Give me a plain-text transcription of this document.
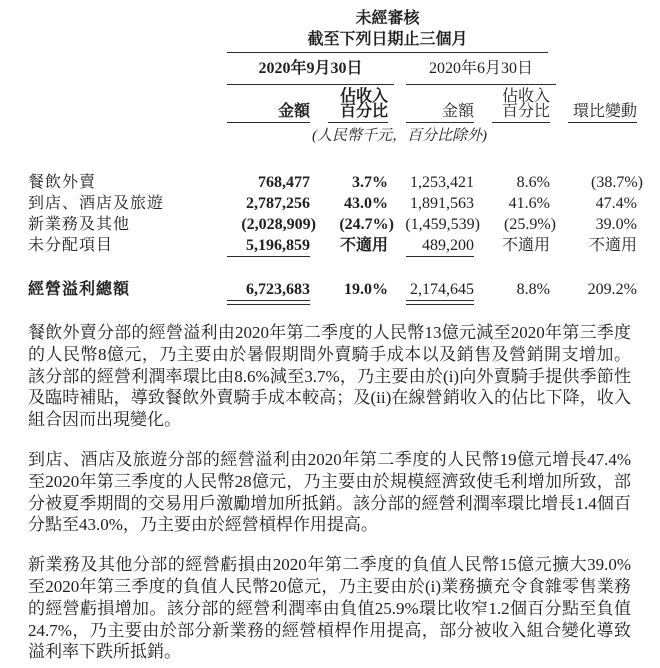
未經審核
截至下列日期止三個月
2020年9月30日	2020年6月30日
佔收入	佔收入
金額	百分比	金額	百分比	環比變動
(人民幣千元，百分比除外)
餐飲外賣	768,477	3.7%	1,253,421	8.6%	(38.7%)
到店、酒店及旅遊	2,787,256	43.0%	1,891,563	41.6%	47.4%
新業務及其他	(2,028,909)	(24.7%) (1,459,539)	(25.9%)	39.0%
未分配項目	5,196,859	不適用	489,200	不適用	不適用
經營溢利總額	6,723,683	19.0% 2,174,645	8.8%	209.2%

餐飲外賣分部的經營溢利由2020年第二季度的人民幣13億元減至2020年第三季度的人民幣8億元，乃主要由於暑假期間外賣騎手成本以及銷售及營銷開支增加。該分部的經營利潤率環比由8.6%減至3.7%，乃主要由於(i)向外賣騎手提供季節性及臨時補貼，導致餐飲外賣騎手成本較高；及(ii)在線營銷收入的佔比下降，收入組合因而出現變化。

到店、酒店及旅遊分部的經營溢利由2020年第二季度的人民幣19億元增長47.4%至2020年第三季度的人民幣28億元，乃主要由於規模經濟致使毛利增加所致，部分被夏季期間的交易用戶激勵增加所抵銷。該分部的經營利潤率環比增長1.4個百分點至43.0%，乃主要由於經營槓桿作用提高。

新業務及其他分部的經營虧損由2020年第二季度的負值人民幣15億元擴大39.0%至2020年第三季度的負值人民幣20億元，乃主要由於(i)業務擴充令食雜零售業務的經營虧損增加。該分部的經營利潤率由負值25.9%環比收窄1.2個百分點至負值24.7%，乃主要由於部分新業務的經營槓桿作用提高，部分被收入組合變化導致溢利率下跌所抵銷。
